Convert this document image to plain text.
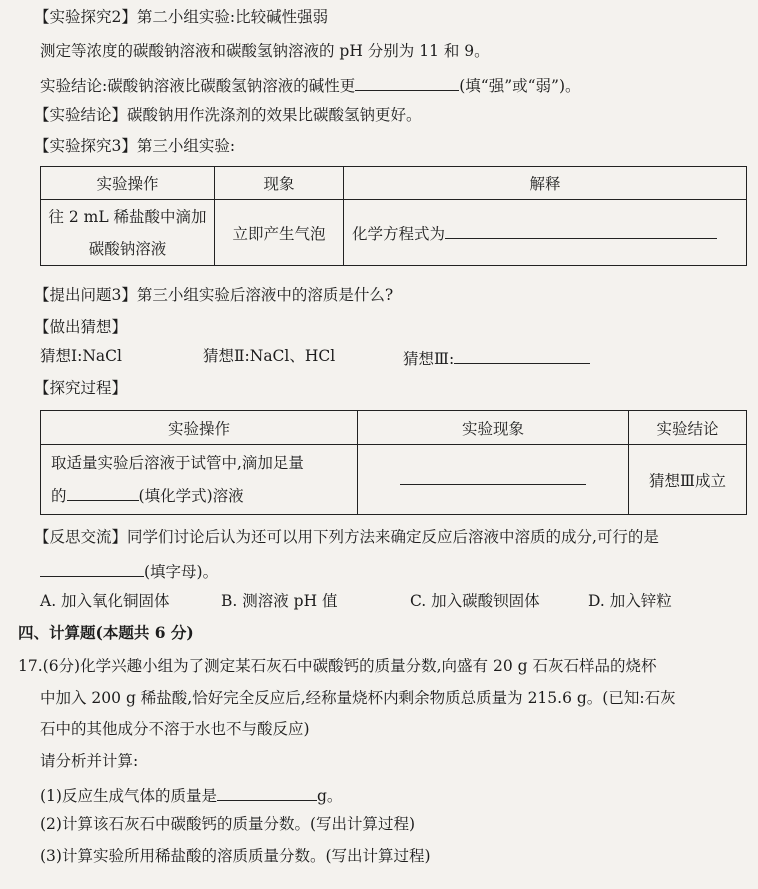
【实验探究2】第二小组实验:比较碱性强弱
测定等浓度的碳酸钠溶液和碳酸氢钠溶液的 pH 分别为 11 和 9。
实验结论:碳酸钠溶液比碳酸氢钠溶液的碱性更	(填“强”或“弱”)。
【实验结论】碳酸钠用作洗涤剂的效果比碳酸氢钠更好。
【实验探究3】第三小组实验:
实验操作	现象	解释

往 2 mL 稀盐酸中滴加
碳酸钠溶液	立即产生气泡	化学方程式为
【提出问题3】第三小组实验后溶液中的溶质是什么?
【做出猜想】
猜想Ⅰ:NaCl	猜想Ⅱ:NaCl、HCl	猜想Ⅲ:
【探究过程】
实验操作	实验现象	实验结论

取适量实验后溶液于试管中,滴加足量
的 (填化学式)溶液		猜想Ⅲ成立
【反思交流】同学们讨论后认为还可以用下列方法来确定反应后溶液中溶质的成分,可行的是
(填字母)。
A. 加入氧化铜固体	B. 测溶液 pH 值	C. 加入碳酸钡固体	D. 加入锌粒
四、计算题(本题共 6 分)
17.(6分)化学兴趣小组为了测定某石灰石中碳酸钙的质量分数,向盛有 20 g 石灰石样品的烧杯
中加入 200 g 稀盐酸,恰好完全反应后,经称量烧杯内剩余物质总质量为 215.6 g。(已知:石灰
石中的其他成分不溶于水也不与酸反应)
请分析并计算:
(1)反应生成气体的质量是	g。
(2)计算该石灰石中碳酸钙的质量分数。(写出计算过程)
(3)计算实验所用稀盐酸的溶质质量分数。(写出计算过程)
